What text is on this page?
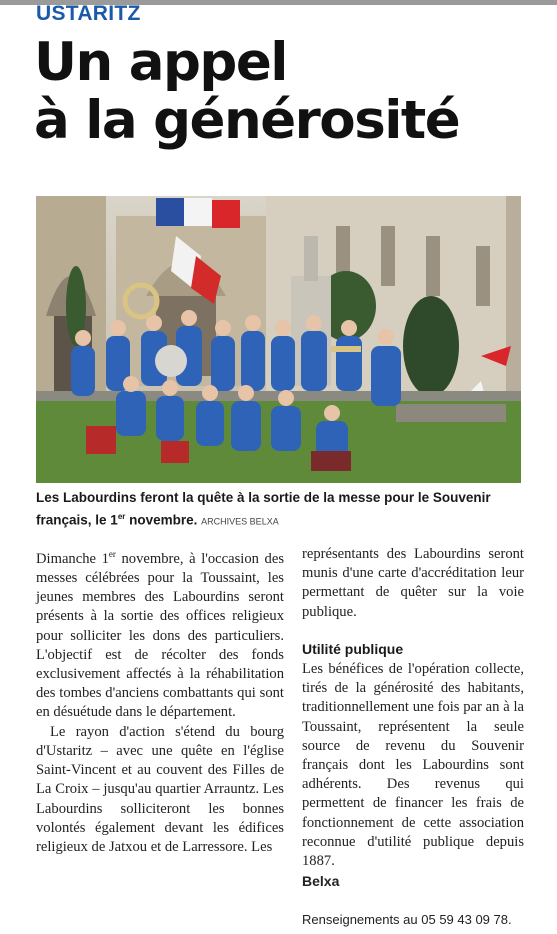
USTARITZ
Un appel
à la générosité
Les Labourdins feront la quête à la sortie de la messe pour le Souvenir français, le 1er novembre. ARCHIVES BELXA

Dimanche 1er novembre, à l'occasion des messes célébrées pour la Toussaint, les jeunes membres des Labourdins seront présents à la sortie des offices religieux pour solliciter les dons des particuliers. L'objectif est de récolter des fonds exclusivement affectés à la réhabilitation des tombes d'anciens combattants qui sont en désuétude dans le département.

Le rayon d'action s'étend du bourg d'Ustaritz – avec une quête en l'église Saint-Vincent et au couvent des Filles de La Croix – jusqu'au quartier Arrauntz. Les Labourdins solliciteront les bonnes volontés également devant les édifices religieux de Jatxou et de Larressore. Les

représentants des Labourdins seront munis d'une carte d'accréditation leur permettant de quêter sur la voie publique.

Utilité publique

Les bénéfices de l'opération collecte, tirés de la générosité des habitants, traditionnellement une fois par an à la Toussaint, représentent la seule source de revenu du Souvenir français dont les Labourdins sont adhérents. Des revenus qui permettent de financer les frais de fonctionnement de cette association reconnue d'utilité publique depuis 1887.

Belxa
Renseignements au 05 59 43 09 78.
